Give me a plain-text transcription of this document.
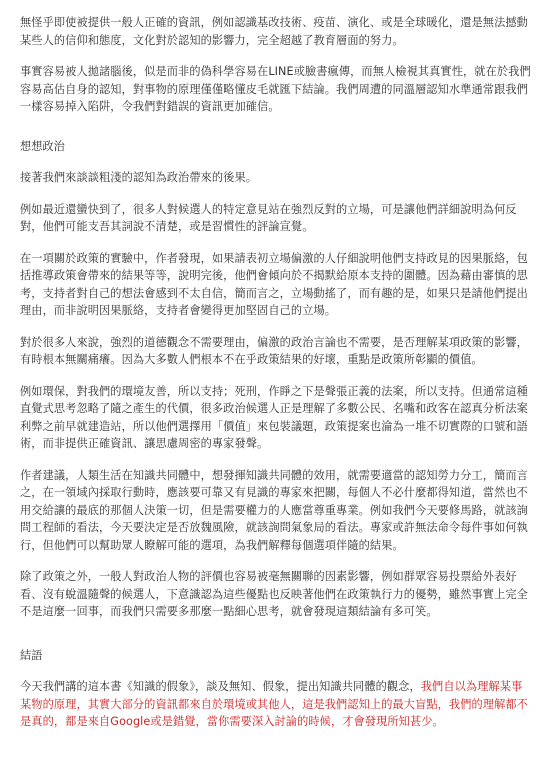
無怪乎即使被提供一般人正確的資訊，例如認識基改技術、疫苗、演化、或是全球暖化，還是無法撼動某些人的信仰和態度，文化對於認知的影響力，完全超越了教育層面的努力。

事實容易被人拋諸腦後，似是而非的偽科學容易在LINE或臉書瘋傳，而無人檢視其真實性，就在於我們容易高估自身的認知，對事物的原理僅僅略懂皮毛就匯下結論。我們周遭的同溫層認知水準通常跟我們一樣容易掉入陷阱，令我們對錯誤的資訊更加確信。

想想政治

接著我們來談談粗淺的認知為政治帶來的後果。

例如最近還蠻快到了，很多人對候選人的特定意見站在強烈反對的立場，可是讓他們詳細說明為何反對，他們可能支吾其詞說不清楚，或是習慣性的評論宣覺。

在一項關於政策的實驗中，作者發現，如果請表初立場偏激的人仔細說明他們支持政見的因果脈絡，包括推導政策會帶來的結果等等，說明完後，他們會傾向於不揭默給原本支持的圍體。因為藉由審慎的思考，支持者對自己的想法會感到不太自信，簡而言之，立場動搖了，而有趣的是，如果只是請他們提出理由，而非說明因果脈絡，支持者會變得更加堅固自己的立場。

對於很多人來說，強烈的道德觀念不需要理由，偏激的政治言論也不需要，是否理解某項政策的影響，有時根本無關痛癢。因為大多數人們根本不在乎政策結果的好壞，重點是政策所彰顯的價值。

例如環保，對我們的環境友善，所以支持；死刑，作睜之下是聲張正義的法案，所以支持。但通常這種直覺式思考忽略了隨之產生的代價，很多政治候選人正是理解了多數公民、名嘴和政客在認真分析法案利弊之前早就建造站，所以他們選擇用「價值」來包裝議題，政策提案也淪為一堆不切實際的口號和語術，而非提供正確資訊、讓思慮周密的專家發聲。

作者建議，人類生活在知識共同體中，想發揮知識共同體的效用，就需要適當的認知勞力分工，簡而言之，在一領域內採取行動時，應該要可靠又有見識的專家來把關，每個人不必什麼都得知道，當然也不用交給讓的最底的那個人決策一切，但是需要權力的人應當尊重專業。例如我們今天要修馬路，就該詢問工程師的看法，今天要決定是否放魏風險，就該詢問氣象局的看法。專家或許無法命令每件事如何執行，但他們可以幫助眾人瞭解可能的選項，為我們解釋每個選項伴隨的結果。

除了政策之外，一般人對政治人物的評價也容易被毫無關聯的因素影響，例如群眾容易投票給外表好看、沒有蛻溫隨聲的候選人，下意識認為這些優點也反映著他們在政策執行力的優勢，雖然事實上完全不是這麼一回事，而我們只需要多那麼一點細心思考，就會發現這類結論有多可笑。

結語

今天我們講的這本書《知識的假象》，談及無知、假象，提出知識共同體的觀念，我們自以為理解某事某物的原理，其實大部分的資訊都來自於環境或其他人，這是我們認知上的最大盲點，我們的理解都不是真的，都是來自Google或是錯覺，當你需要深入討論的時候，才會發現所知甚少。
